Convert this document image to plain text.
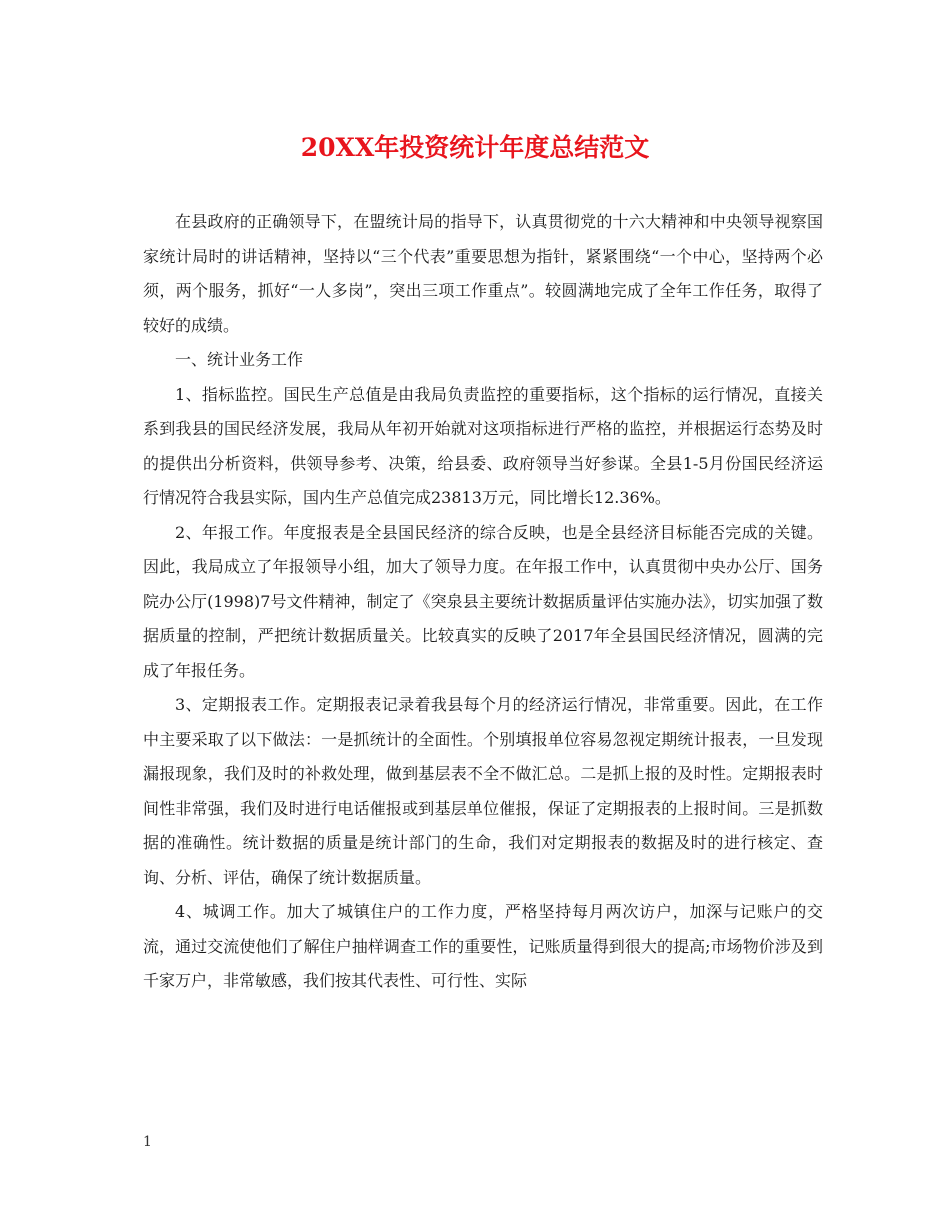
20XX年投资统计年度总结范文

在县政府的正确领导下，在盟统计局的指导下，认真贯彻党的十六大精神和中央领导视察国家统计局时的讲话精神，坚持以“三个代表”重要思想为指针，紧紧围绕“一个中心，坚持两个必须，两个服务，抓好“一人多岗”，突出三项工作重点”。较圆满地完成了全年工作任务，取得了较好的成绩。

一、统计业务工作

1、指标监控。国民生产总值是由我局负责监控的重要指标，这个指标的运行情况，直接关系到我县的国民经济发展，我局从年初开始就对这项指标进行严格的监控，并根据运行态势及时的提供出分析资料，供领导参考、决策，给县委、政府领导当好参谋。全县1-5月份国民经济运行情况符合我县实际，国内生产总值完成23813万元，同比增长12.36%。

2、年报工作。年度报表是全县国民经济的综合反映，也是全县经济目标能否完成的关键。因此，我局成立了年报领导小组，加大了领导力度。在年报工作中，认真贯彻中央办公厅、国务院办公厅(1998)7号文件精神，制定了《突泉县主要统计数据质量评估实施办法》，切实加强了数据质量的控制，严把统计数据质量关。比较真实的反映了2017年全县国民经济情况，圆满的完成了年报任务。

3、定期报表工作。定期报表记录着我县每个月的经济运行情况，非常重要。因此，在工作中主要采取了以下做法：一是抓统计的全面性。个别填报单位容易忽视定期统计报表，一旦发现漏报现象，我们及时的补救处理，做到基层表不全不做汇总。二是抓上报的及时性。定期报表时间性非常强，我们及时进行电话催报或到基层单位催报，保证了定期报表的上报时间。三是抓数据的准确性。统计数据的质量是统计部门的生命，我们对定期报表的数据及时的进行核定、查询、分析、评估，确保了统计数据质量。

4、城调工作。加大了城镇住户的工作力度，严格坚持每月两次访户，加深与记账户的交流，通过交流使他们了解住户抽样调查工作的重要性，记账质量得到很大的提高;市场物价涉及到千家万户，非常敏感，我们按其代表性、可行性、实际

1
